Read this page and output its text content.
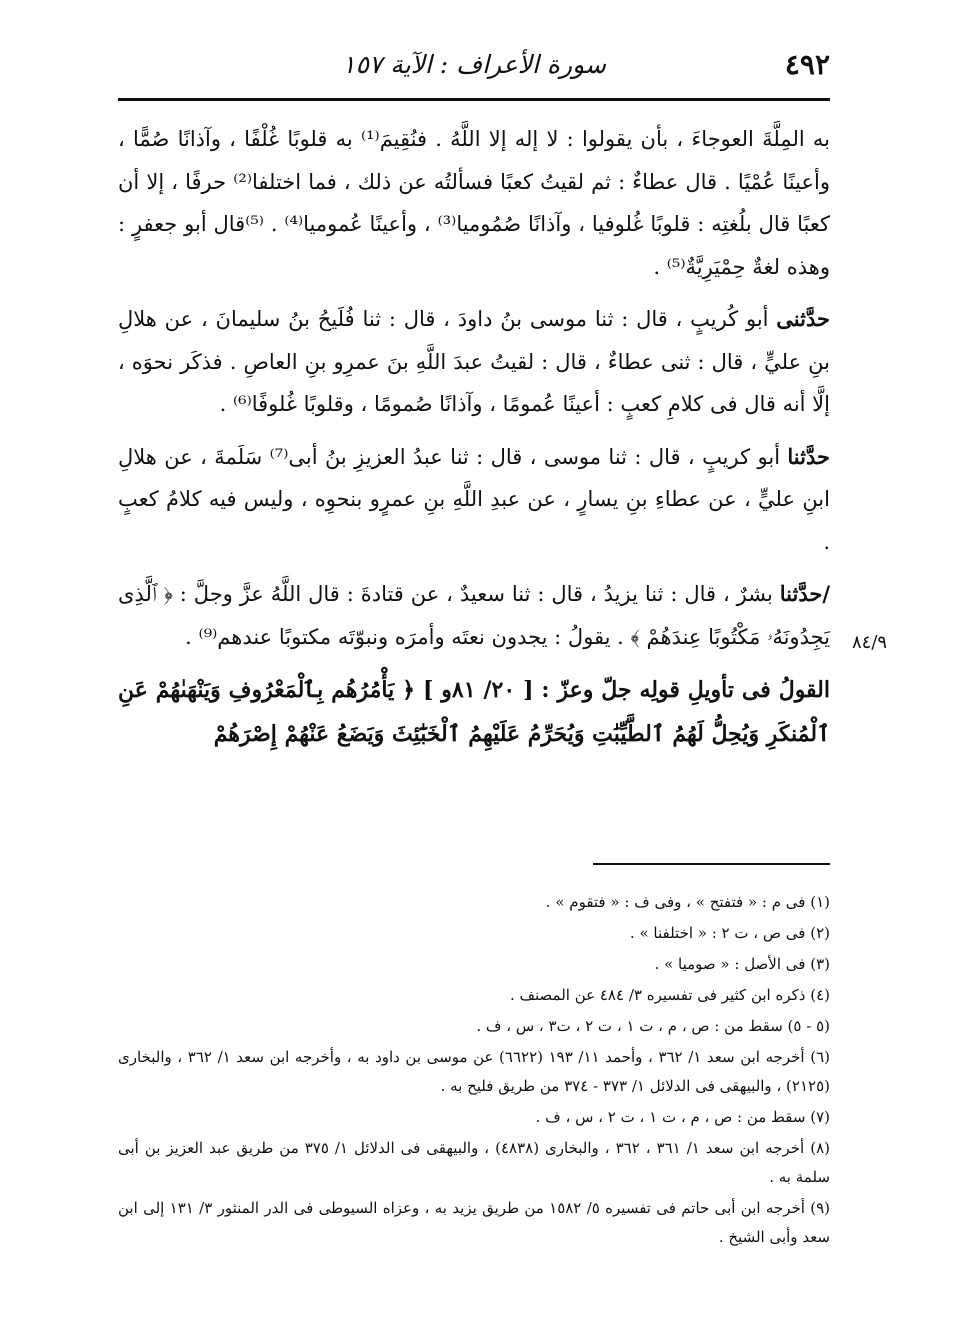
٤٩٢
سورة الأعراف : الآية ١٥٧
٨٤/٩

به المِلَّةَ العوجاءَ ، بأن يقولوا : لا إله إلا اللَّهُ . فنُقِيمَ⁽¹⁾ به قلوبًا غُلْفًا ، وآذانًا صُمًّا ، وأعينًا عُمْيًا . قال عطاءٌ : ثم لقيتُ كعبًا فسألتُه عن ذلك ، فما اختلفا⁽²⁾ حرفًا ، إلا أن كعبًا قال بلُغتِه : قلوبًا غُلوفيا ، وآذانًا صُمُوميا⁽³⁾ ، وأعينًا عُموميا⁽⁴⁾ . ⁽⁵⁾قال أبو جعفرٍ : وهذه لغةٌ حِمْيَرِيَّةٌ⁽⁵⁾ .

حدَّثنى أبو كُريبٍ ، قال : ثنا موسى بنُ داودَ ، قال : ثنا فُلَيحُ بنُ سليمانَ ، عن هلالِ بنِ عليٍّ ، قال : ثنى عطاءٌ ، قال : لقيتُ عبدَ اللَّهِ بنَ عمرِو بنِ العاصِ . فذكَر نحوَه ، إلَّا أنه قال فى كلامِ كعبٍ : أعينًا عُمومًا ، وآذانًا صُمومًا ، وقلوبًا غُلوفًا⁽⁶⁾ .

حدَّثنا أبو كريبٍ ، قال : ثنا موسى ، قال : ثنا عبدُ العزيزِ بنُ أبى⁽⁷⁾ سَلَمةَ ، عن هلالِ ابنِ عليٍّ ، عن عطاءِ بنِ يسارٍ ، عن عبدِ اللَّهِ بنِ عمرٍو بنحوِه ، وليس فيه كلامُ كعبٍ .

/حدَّثنا بشرٌ ، قال : ثنا يزيدُ ، قال : ثنا سعيدٌ ، عن قتادةَ : قال اللَّهُ عزَّ وجلَّ : ﴿ ٱلَّذِى يَجِدُونَهُۥ مَكْتُوبًا عِندَهُمْ ﴾ . يقولُ : يجدون نعتَه وأمرَه ونبوّتَه مكتوبًا عندهم⁽⁹⁾ .

القولُ فى تأويلِ قولِه جلّ وعزّ : [ ٢٠/ ٨١و ] ﴿ يَأْمُرُهُم بِٱلْمَعْرُوفِ وَيَنْهَىٰهُمْ عَنِ ٱلْمُنكَرِ وَيُحِلُّ لَهُمُ ٱلطَّيِّبَٰتِ وَيُحَرِّمُ عَلَيْهِمُ ٱلْخَبَٰٓئِثَ وَيَضَعُ عَنْهُمْ إِصْرَهُمْ

(١) فى م : « فتفتح » ، وفى ف : « فتقوم » .
(٢) فى ص ، ت ٢ : « اختلفنا » .
(٣) فى الأصل : « صوميا » .
(٤) ذكره ابن كثير فى تفسيره ٣/ ٤٨٤ عن المصنف .
(٥ - ٥) سقط من : ص ، م ، ت ١ ، ت ٢ ، ت٣ ، س ، ف .
(٦) أخرجه ابن سعد ١/ ٣٦٢ ، وأحمد ١١/ ١٩٣ (٦٦٢٢) عن موسى بن داود به ، وأخرجه ابن سعد ١/ ٣٦٢ ، والبخارى (٢١٢٥) ، والبيهقى فى الدلائل ١/ ٣٧٣ - ٣٧٤ من طريق فليح به .
(٧) سقط من : ص ، م ، ت ١ ، ت ٢ ، س ، ف .
(٨) أخرجه ابن سعد ١/ ٣٦١ ، ٣٦٢ ، والبخارى (٤٨٣٨) ، والبيهقى فى الدلائل ١/ ٣٧٥ من طريق عبد العزيز بن أبى سلمة به .
(٩) أخرجه ابن أبى حاتم فى تفسيره ٥/ ١٥٨٢ من طريق يزيد به ، وعزاه السيوطى فى الدر المنثور ٣/ ١٣١ إلى ابن سعد وأبى الشيخ .
